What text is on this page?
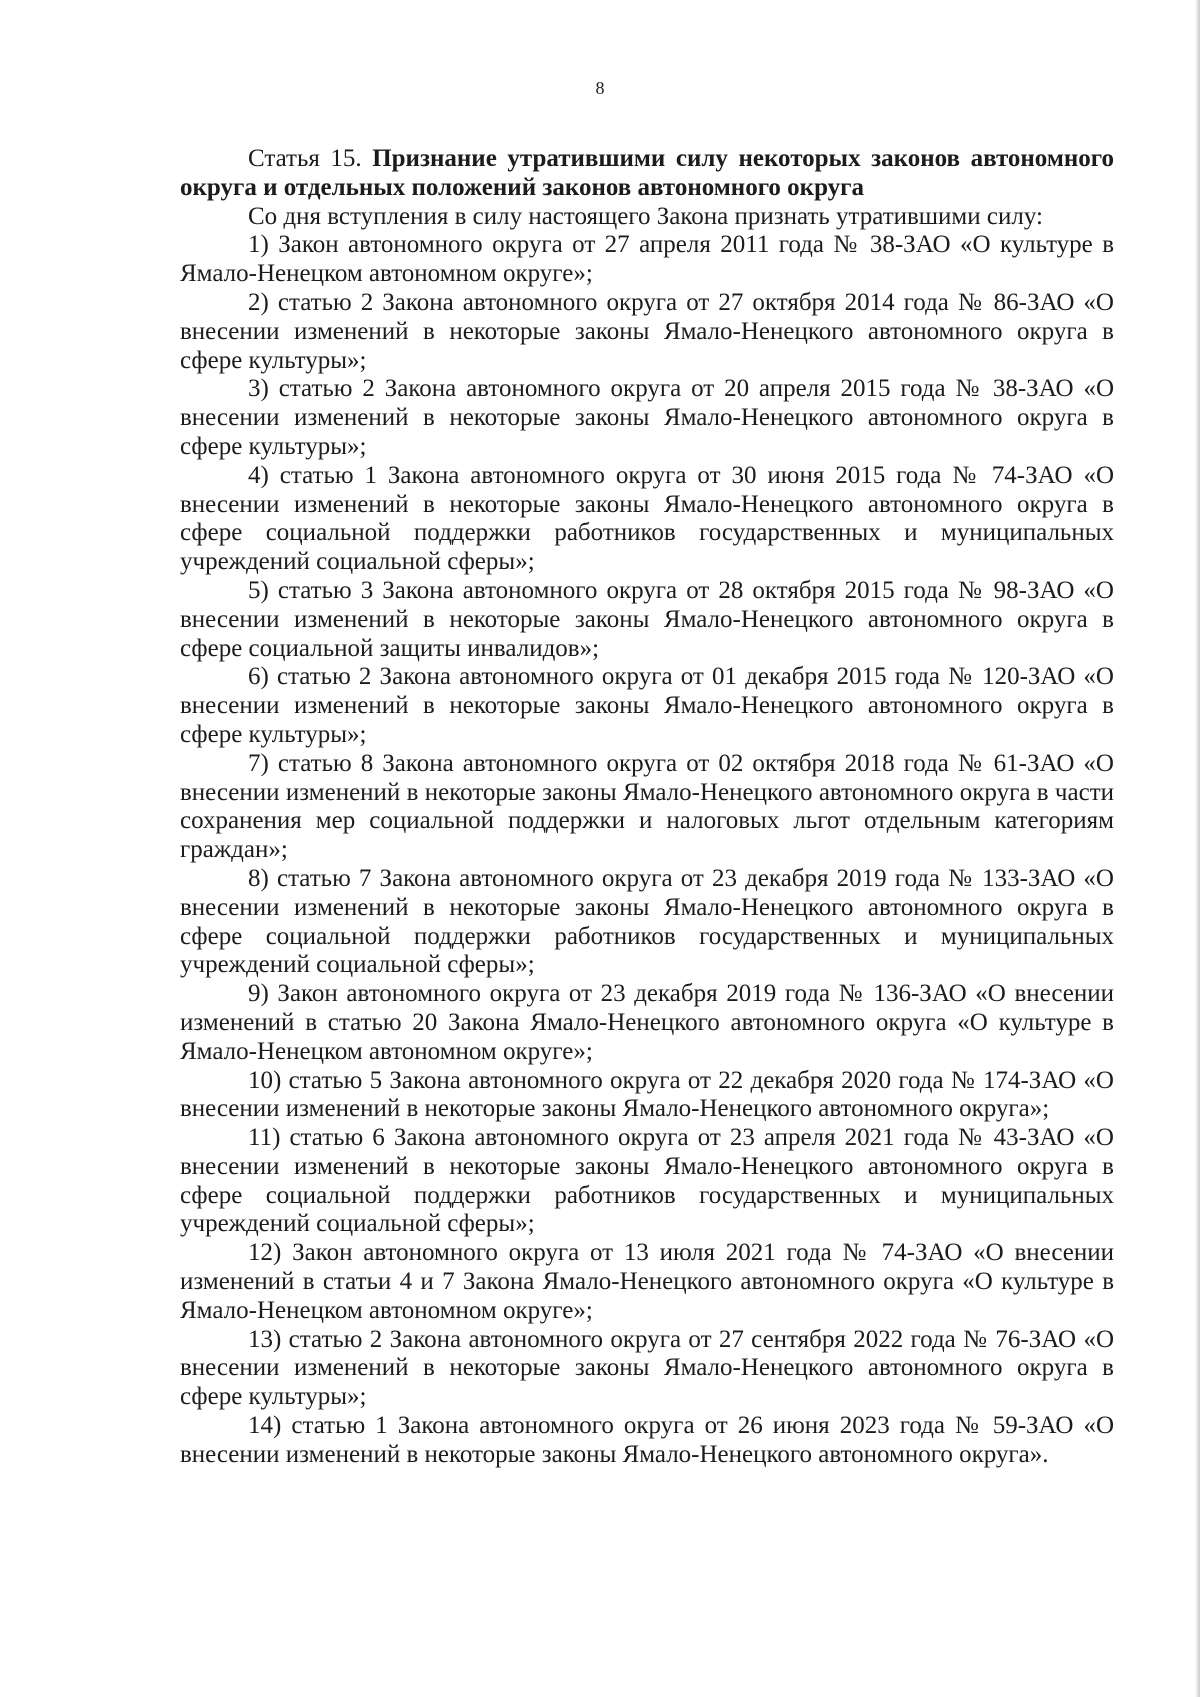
8

Статья 15. Признание утратившими силу некоторых законов автономного округа и отдельных положений законов автономного округа

Со дня вступления в силу настоящего Закона признать утратившими силу:

1) Закон автономного округа от 27 апреля 2011 года № 38-ЗАО «О культуре в Ямало-Ненецком автономном округе»;

2) статью 2 Закона автономного округа от 27 октября 2014 года № 86-ЗАО «О внесении изменений в некоторые законы Ямало-Ненецкого автономного округа в сфере культуры»;

3) статью 2 Закона автономного округа от 20 апреля 2015 года № 38-ЗАО «О внесении изменений в некоторые законы Ямало-Ненецкого автономного округа в сфере культуры»;

4) статью 1 Закона автономного округа от 30 июня 2015 года № 74-ЗАО «О внесении изменений в некоторые законы Ямало-Ненецкого автономного округа в сфере социальной поддержки работников государственных и муниципальных учреждений социальной сферы»;

5) статью 3 Закона автономного округа от 28 октября 2015 года № 98-ЗАО «О внесении изменений в некоторые законы Ямало-Ненецкого автономного округа в сфере социальной защиты инвалидов»;

6) статью 2 Закона автономного округа от 01 декабря 2015 года № 120-ЗАО «О внесении изменений в некоторые законы Ямало-Ненецкого автономного округа в сфере культуры»;

7) статью 8 Закона автономного округа от 02 октября 2018 года № 61-ЗАО «О внесении изменений в некоторые законы Ямало-Ненецкого автономного округа в части сохранения мер социальной поддержки и налоговых льгот отдельным категориям граждан»;

8) статью 7 Закона автономного округа от 23 декабря 2019 года № 133-ЗАО «О внесении изменений в некоторые законы Ямало-Ненецкого автономного округа в сфере социальной поддержки работников государственных и муниципальных учреждений социальной сферы»;

9) Закон автономного округа от 23 декабря 2019 года № 136-ЗАО «О внесении изменений в статью 20 Закона Ямало-Ненецкого автономного округа «О культуре в Ямало-Ненецком автономном округе»;

10) статью 5 Закона автономного округа от 22 декабря 2020 года № 174-ЗАО «О внесении изменений в некоторые законы Ямало-Ненецкого автономного округа»;

11) статью 6 Закона автономного округа от 23 апреля 2021 года № 43-ЗАО «О внесении изменений в некоторые законы Ямало-Ненецкого автономного округа в сфере социальной поддержки работников государственных и муниципальных учреждений социальной сферы»;

12) Закон автономного округа от 13 июля 2021 года № 74-ЗАО «О внесении изменений в статьи 4 и 7 Закона Ямало-Ненецкого автономного округа «О культуре в Ямало-Ненецком автономном округе»;

13) статью 2 Закона автономного округа от 27 сентября 2022 года № 76-ЗАО «О внесении изменений в некоторые законы Ямало-Ненецкого автономного округа в сфере культуры»;

14) статью 1 Закона автономного округа от 26 июня 2023 года № 59-ЗАО «О внесении изменений в некоторые законы Ямало-Ненецкого автономного округа».
